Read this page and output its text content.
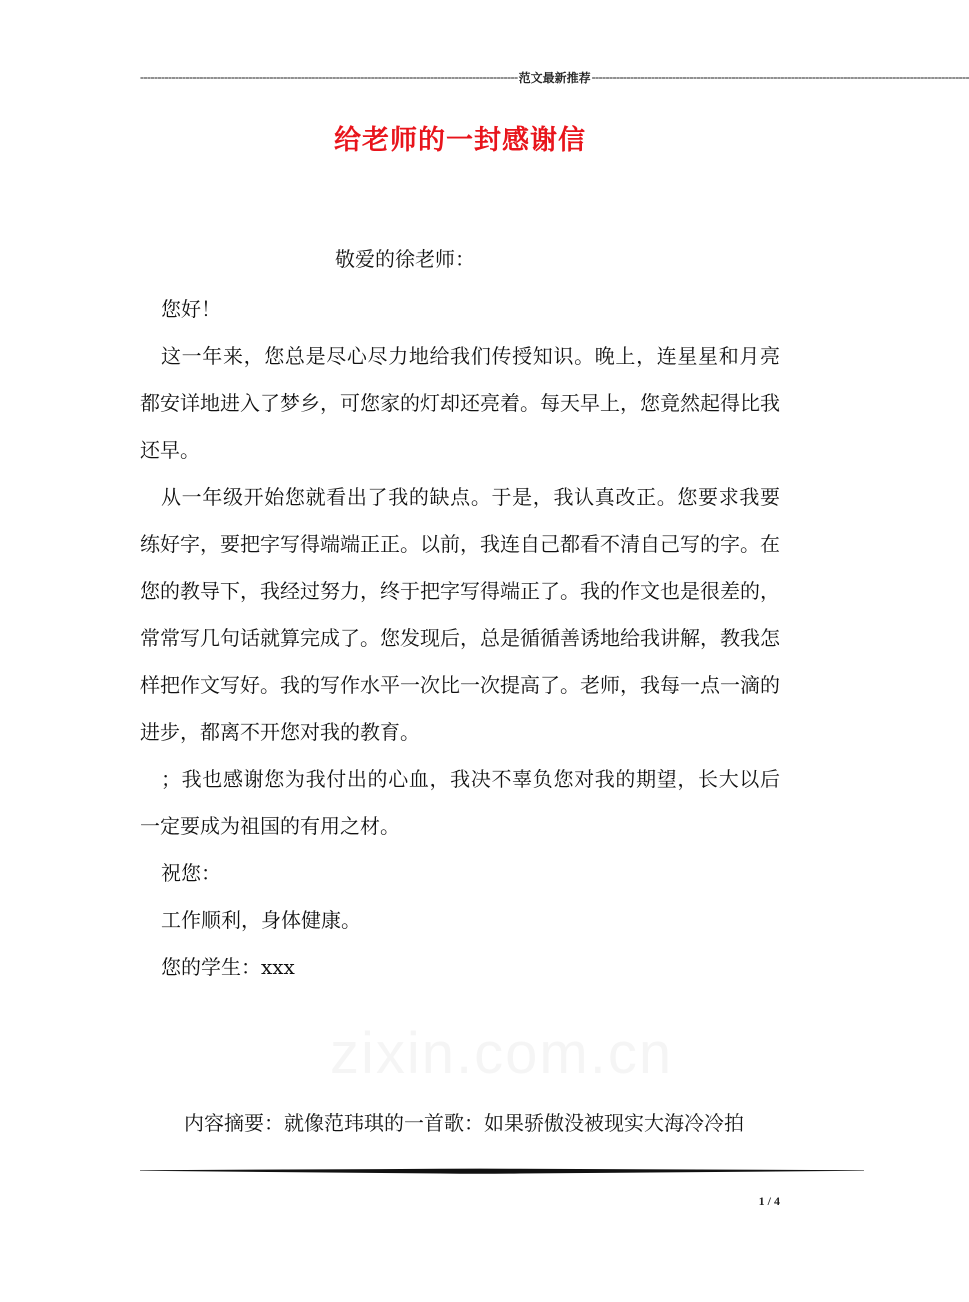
------------------------------------------------------------------------------------------------------------ 范文最新推荐 ------------------------------------------------------------------------------------------------------------
给老师的一封感谢信
zixin.com.cn

敬爱的徐老师：

您好！

这一年来，您总是尽心尽力地给我们传授知识。晚上，连星星和月亮都安详地进入了梦乡，可您家的灯却还亮着。每天早上，您竟然起得比我还早。

从一年级开始您就看出了我的缺点。于是，我认真改正。您要求我要练好字，要把字写得端端正正。以前，我连自己都看不清自己写的字。在您的教导下，我经过努力，终于把字写得端正了。我的作文也是很差的，常常写几句话就算完成了。您发现后，总是循循善诱地给我讲解，教我怎样把作文写好。我的写作水平一次比一次提高了。老师，我每一点一滴的进步，都离不开您对我的教育。

；我也感谢您为我付出的心血，我决不辜负您对我的期望，长大以后一定要成为祖国的有用之材。

祝您：

工作顺利，身体健康。

您的学生：xxx

内容摘要：就像范玮琪的一首歌：如果骄傲没被现实大海冷冷拍
1 / 4
